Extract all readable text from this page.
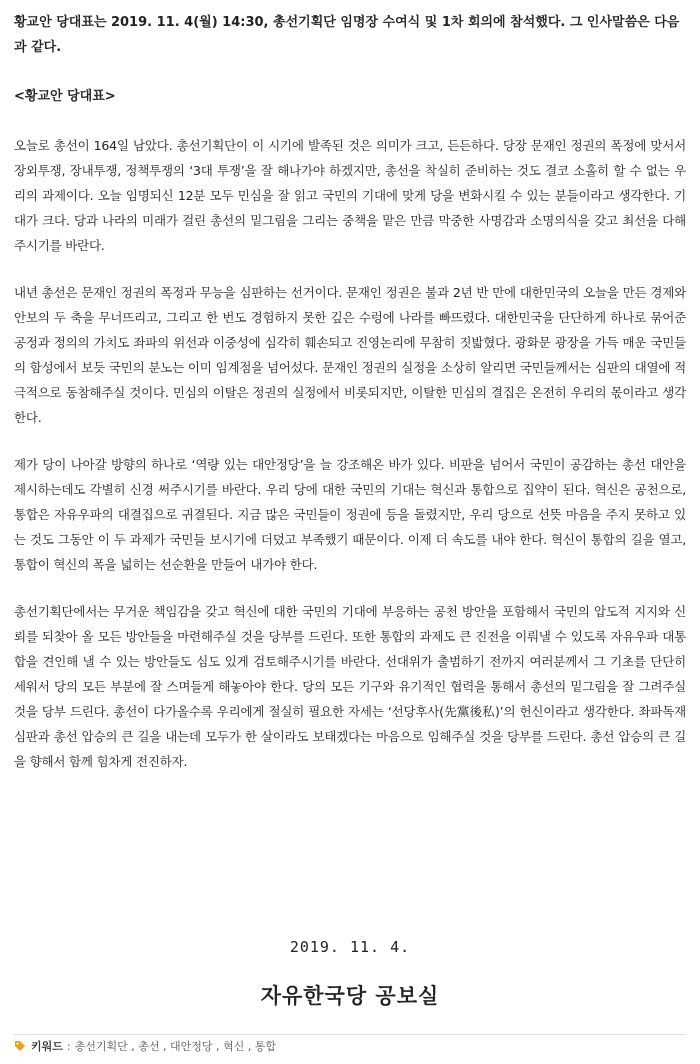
황교안 당대표는 2019. 11. 4(월) 14:30, 총선기획단 임명장 수여식 및 1차 회의에 참석했다. 그 인사말씀은 다음과 같다.

<황교안 당대표>

오늘로 총선이 164일 남았다. 총선기획단이 이 시기에 발족된 것은 의미가 크고, 든든하다. 당장 문재인 정권의 폭정에 맞서서 장외투쟁, 장내투쟁, 정책투쟁의 ‘3대 투쟁’을 잘 해나가야 하겠지만, 총선을 착실히 준비하는 것도 결코 소홀히 할 수 없는 우리의 과제이다. 오늘 임명되신 12분 모두 민심을 잘 읽고 국민의 기대에 맞게 당을 변화시킬 수 있는 분들이라고 생각한다. 기대가 크다. 당과 나라의 미래가 걸린 총선의 밑그림을 그리는 중책을 맡은 만큼 막중한 사명감과 소명의식을 갖고 최선을 다해주시기를 바란다.

내년 총선은 문재인 정권의 폭정과 무능을 심판하는 선거이다. 문재인 정권은 불과 2년 반 만에 대한민국의 오늘을 만든 경제와 안보의 두 축을 무너뜨리고, 그리고 한 번도 경험하지 못한 깊은 수렁에 나라를 빠뜨렸다. 대한민국을 단단하게 하나로 묶어준 공정과 정의의 가치도 좌파의 위선과 이중성에 심각히 훼손되고 진영논리에 무참히 짓밟혔다. 광화문 광장을 가득 매운 국민들의 함성에서 보듯 국민의 분노는 이미 임계점을 넘어섰다. 문재인 정권의 실정을 소상히 알리면 국민들께서는 심판의 대열에 적극적으로 동참해주실 것이다. 민심의 이탈은 정권의 실정에서 비롯되지만, 이탈한 민심의 결집은 온전히 우리의 몫이라고 생각한다.

제가 당이 나아갈 방향의 하나로 ‘역량 있는 대안정당’을 늘 강조해온 바가 있다. 비판을 넘어서 국민이 공감하는 총선 대안을 제시하는데도 각별히 신경 써주시기를 바란다. 우리 당에 대한 국민의 기대는 혁신과 통합으로 집약이 된다. 혁신은 공천으로, 통합은 자유우파의 대결집으로 귀결된다. 지금 많은 국민들이 정권에 등을 돌렸지만, 우리 당으로 선뜻 마음을 주지 못하고 있는 것도 그동안 이 두 과제가 국민들 보시기에 더뎠고 부족했기 때문이다. 이제 더 속도를 내야 한다. 혁신이 통합의 길을 열고, 통합이 혁신의 폭을 넓히는 선순환을 만들어 내가야 한다.

총선기획단에서는 무거운 책임감을 갖고 혁신에 대한 국민의 기대에 부응하는 공천 방안을 포함해서 국민의 압도적 지지와 신뢰를 되찾아 올 모든 방안들을 마련해주실 것을 당부를 드린다. 또한 통합의 과제도 큰 진전을 이뤄낼 수 있도록 자유우파 대통합을 견인해 낼 수 있는 방안들도 심도 있게 검토해주시기를 바란다. 선대위가 출범하기 전까지 여러분께서 그 기초를 단단히 세워서 당의 모든 부분에 잘 스며들게 해놓아야 한다. 당의 모든 기구와 유기적인 협력을 통해서 총선의 밑그림을 잘 그려주실 것을 당부 드린다. 총선이 다가올수록 우리에게 절실히 필요한 자세는 ‘선당후사(先黨後私)’의 헌신이라고 생각한다. 좌파독재 심판과 총선 압승의 큰 길을 내는데 모두가 한 살이라도 보태겠다는 마음으로 임해주실 것을 당부를 드린다. 총선 압승의 큰 길을 향해서 함께 힘차게 전진하자.

2019. 11. 4.
자유한국당 공보실
키워드 : 총선기획단 , 총선 , 대안정당 , 혁신 , 통합
